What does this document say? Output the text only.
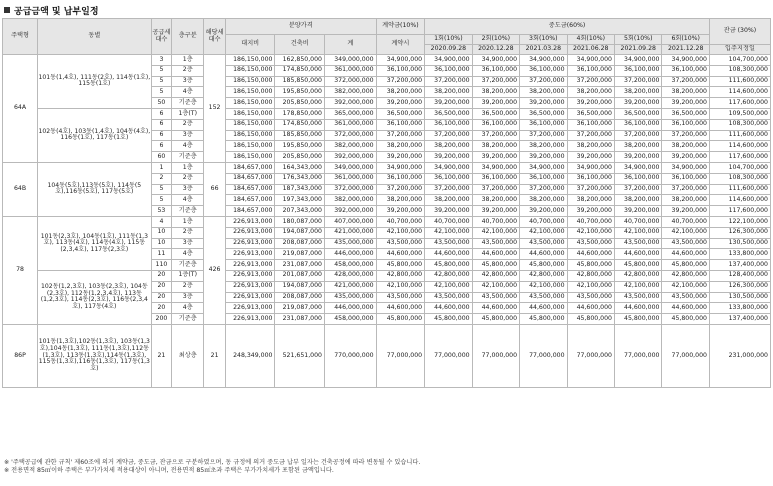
공급금액 및 납부일정
주택형	동별	공급세대수	층구분	해당세대수	분양가격			계약금(10%)	중도금(60%)						잔금 (30%)
					대지비	건축비	계	계약시	1회(10%)	2회(10%)	3회(10%)	4회(10%)	5회(10%)	6회(10%)	
									2020.09.28	2020.12.28	2021.03.28	2021.06.28	2021.09.28	2021.12.28	입주지정일
64A	101동(1,4호), 111동(2호), 114동(1호), 115동(1호)	3	1층	152	186,150,000	162,850,000	349,000,000	34,900,000	34,900,000	34,900,000	34,900,000	34,900,000	34,900,000	34,900,000	104,700,000
		5	2층		186,150,000	174,850,000	361,000,000	36,100,000	36,100,000	36,100,000	36,100,000	36,100,000	36,100,000	36,100,000	108,300,000
		5	3층		186,150,000	185,850,000	372,000,000	37,200,000	37,200,000	37,200,000	37,200,000	37,200,000	37,200,000	37,200,000	111,600,000
		5	4층		186,150,000	195,850,000	382,000,000	38,200,000	38,200,000	38,200,000	38,200,000	38,200,000	38,200,000	38,200,000	114,600,000
		50	기준층		186,150,000	205,850,000	392,000,000	39,200,000	39,200,000	39,200,000	39,200,000	39,200,000	39,200,000	39,200,000	117,600,000
	102동(4호), 103동(1,4호), 104동(4호), 116동(1호), 117동(1호)	6	1층(T)		186,150,000	178,850,000	365,000,000	36,500,000	36,500,000	36,500,000	36,500,000	36,500,000	36,500,000	36,500,000	109,500,000
		6	2층		186,150,000	174,850,000	361,000,000	36,100,000	36,100,000	36,100,000	36,100,000	36,100,000	36,100,000	36,100,000	108,300,000
		6	3층		186,150,000	185,850,000	372,000,000	37,200,000	37,200,000	37,200,000	37,200,000	37,200,000	37,200,000	37,200,000	111,600,000
		6	4층		186,150,000	195,850,000	382,000,000	38,200,000	38,200,000	38,200,000	38,200,000	38,200,000	38,200,000	38,200,000	114,600,000
		60	기준층		186,150,000	205,850,000	392,000,000	39,200,000	39,200,000	39,200,000	39,200,000	39,200,000	39,200,000	39,200,000	117,600,000
64B	104동(5호),113동(5호), 114동(5호),116동(5호), 117동(5호)	1	1층	66	184,657,000	164,343,000	349,000,000	34,900,000	34,900,000	34,900,000	34,900,000	34,900,000	34,900,000	34,900,000	104,700,000
		2	2층		184,657,000	176,343,000	361,000,000	36,100,000	36,100,000	36,100,000	36,100,000	36,100,000	36,100,000	36,100,000	108,300,000
		5	3층		184,657,000	187,343,000	372,000,000	37,200,000	37,200,000	37,200,000	37,200,000	37,200,000	37,200,000	37,200,000	111,600,000
		5	4층		184,657,000	197,343,000	382,000,000	38,200,000	38,200,000	38,200,000	38,200,000	38,200,000	38,200,000	38,200,000	114,600,000
		53	기준층		184,657,000	207,343,000	392,000,000	39,200,000	39,200,000	39,200,000	39,200,000	39,200,000	39,200,000	39,200,000	117,600,000
78	101동(2,3호), 104동(1호), 111동(1,3호), 113동(4호), 114동(4호), 115동(2,3,4호), 117동(2,3호)	4	1층	426	226,913,000	180,087,000	407,000,000	40,700,000	40,700,000	40,700,000	40,700,000	40,700,000	40,700,000	40,700,000	122,100,000
		10	2층		226,913,000	194,087,000	421,000,000	42,100,000	42,100,000	42,100,000	42,100,000	42,100,000	42,100,000	42,100,000	126,300,000
		10	3층		226,913,000	208,087,000	435,000,000	43,500,000	43,500,000	43,500,000	43,500,000	43,500,000	43,500,000	43,500,000	130,500,000
		11	4층		226,913,000	219,087,000	446,000,000	44,600,000	44,600,000	44,600,000	44,600,000	44,600,000	44,600,000	44,600,000	133,800,000
		110	기준층		226,913,000	231,087,000	458,000,000	45,800,000	45,800,000	45,800,000	45,800,000	45,800,000	45,800,000	45,800,000	137,400,000
	102동(1,2,3호), 103동(2,3호), 104동(2,3호), 112동(1,2,3,4호), 113동(1,2,3호), 114동(2,3호), 116동(2,3,4호), 117동(4호)	20	1층(T)		226,913,000	201,087,000	428,000,000	42,800,000	42,800,000	42,800,000	42,800,000	42,800,000	42,800,000	42,800,000	128,400,000
		20	2층		226,913,000	194,087,000	421,000,000	42,100,000	42,100,000	42,100,000	42,100,000	42,100,000	42,100,000	42,100,000	126,300,000
		20	3층		226,913,000	208,087,000	435,000,000	43,500,000	43,500,000	43,500,000	43,500,000	43,500,000	43,500,000	43,500,000	130,500,000
		20	4층		226,913,000	219,087,000	446,000,000	44,600,000	44,600,000	44,600,000	44,600,000	44,600,000	44,600,000	44,600,000	133,800,000
		200	기준층		226,913,000	231,087,000	458,000,000	45,800,000	45,800,000	45,800,000	45,800,000	45,800,000	45,800,000	45,800,000	137,400,000
86P	101동(1,3호),102동(1,3호), 103동(1,3호),104동(1,3호), 111동(1,3호),112동(1,3호), 113동(1,3호),114동(1,3호), 115동(1,3호),116동(1,3호), 117동(1,3호)	21	최상층	21	248,349,000	521,651,000	770,000,000	77,000,000	77,000,000	77,000,000	77,000,000	77,000,000	77,000,000	77,000,000	231,000,000
※ '주택공급에 관한 규칙' 제60조에 의거 계약금, 중도금, 잔금으로 구분하였으며, 동 규정에 의거 중도금 납부 일자는 건축공정에 따라 변동될 수 있습니다.
※ 전용면적 85㎡이하 주택은 부가가치세 적용대상이 아니며, 전용면적 85㎡초과 주택은 부가가치세가 포함된 금액입니다.
